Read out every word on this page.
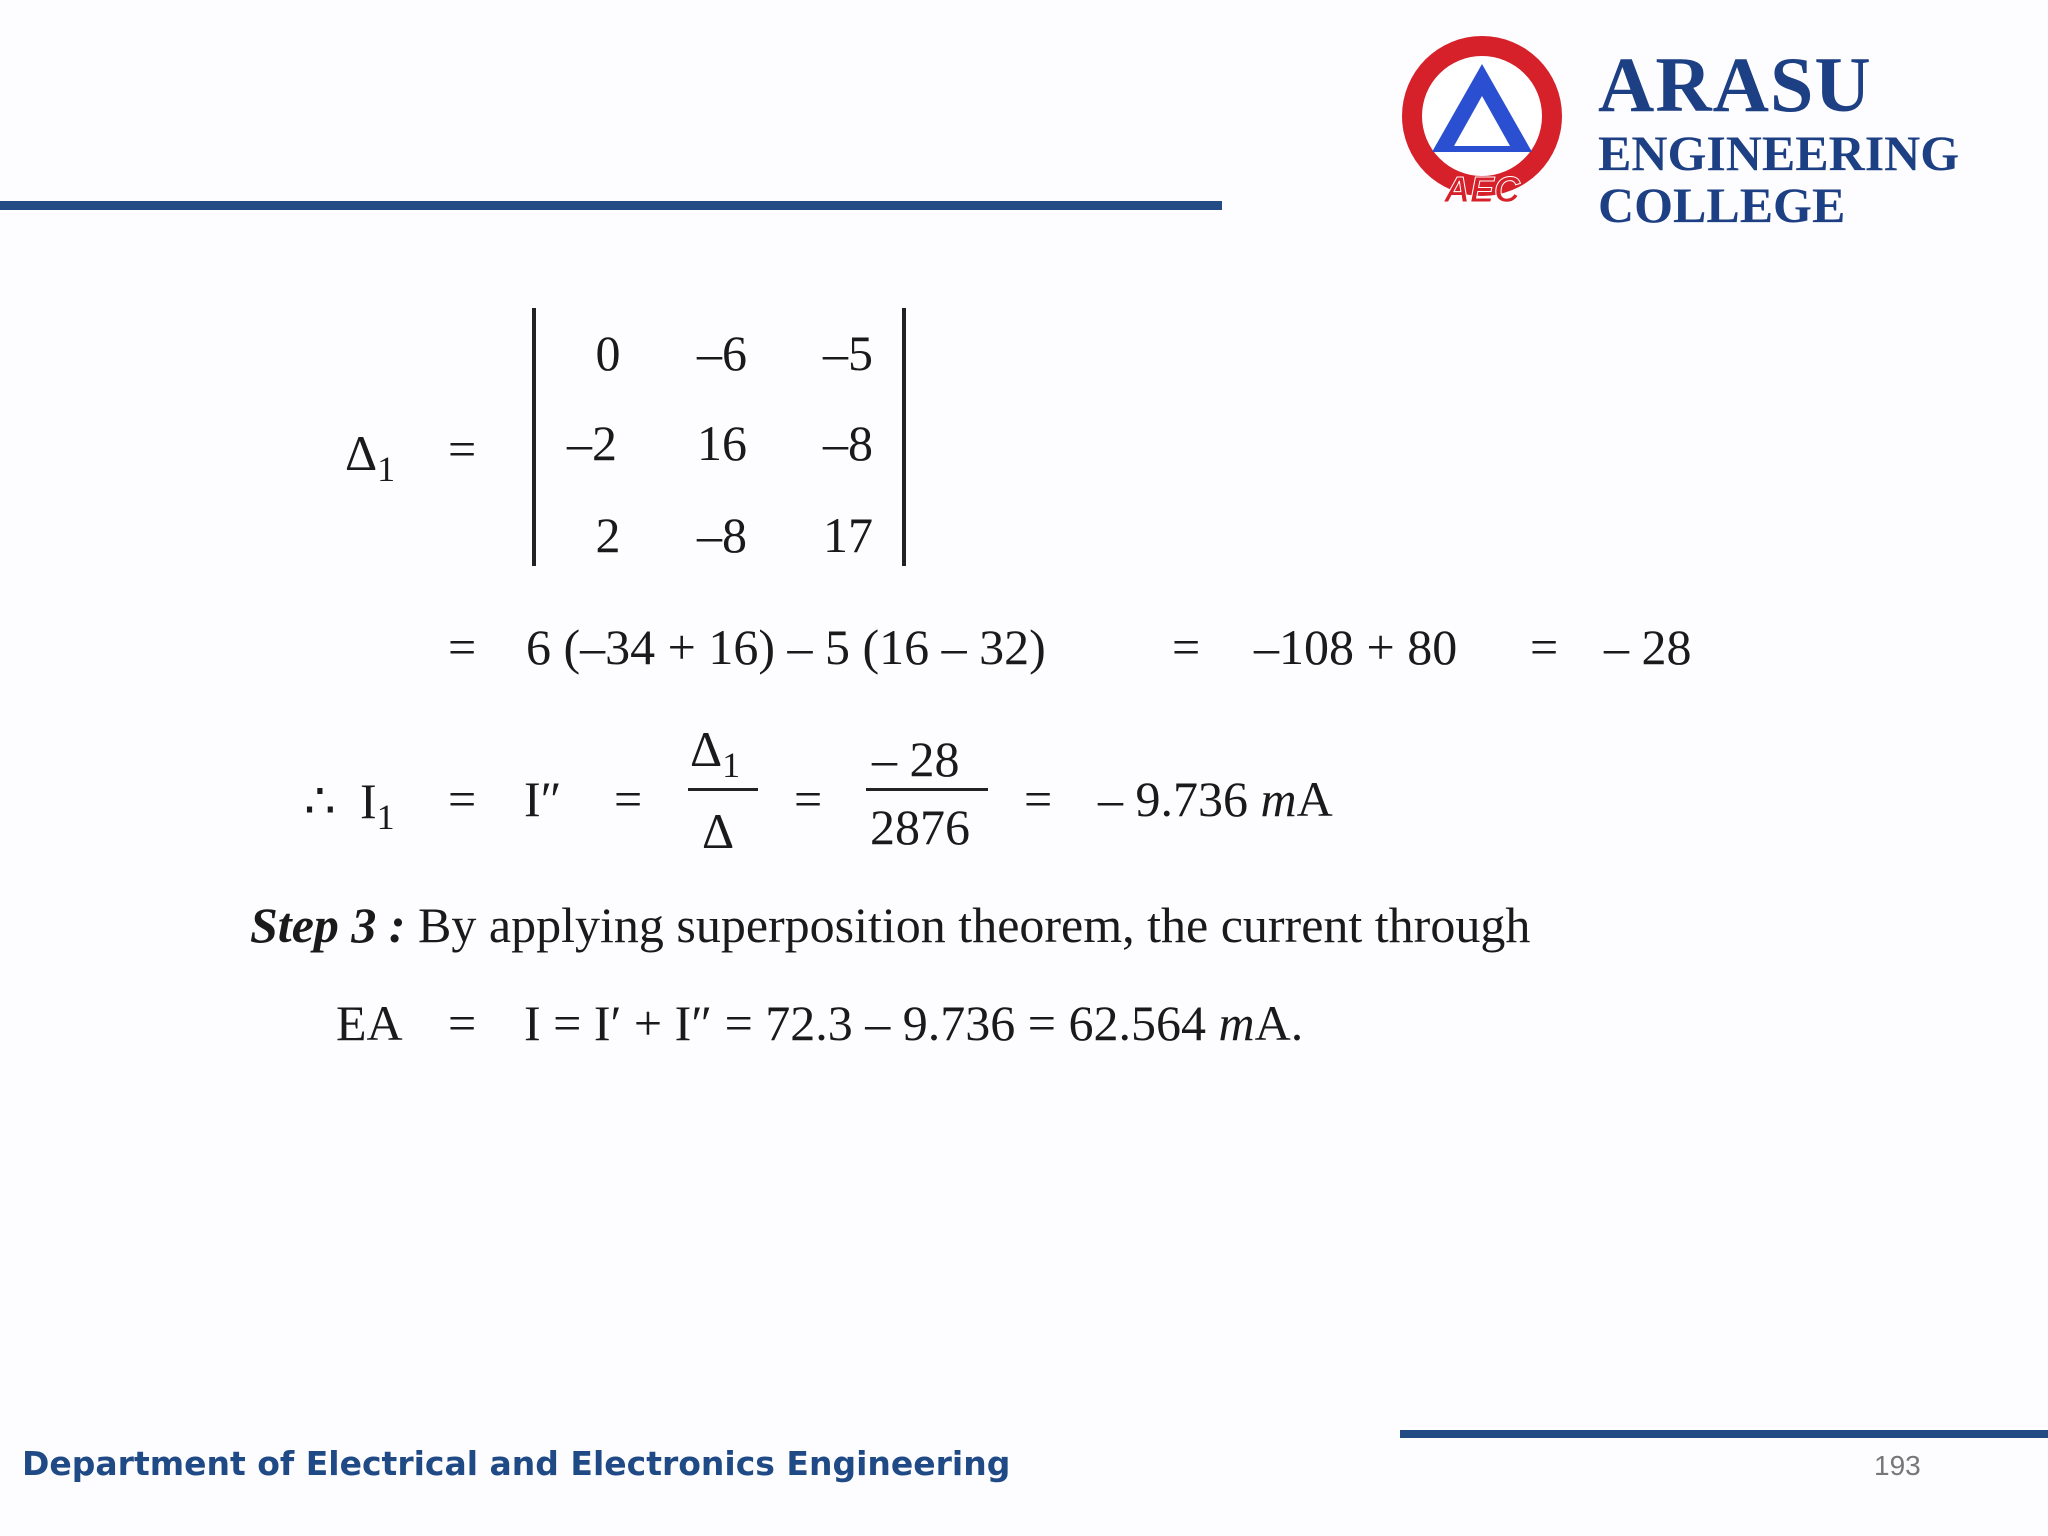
AEC
ARASU
ENGINEERING
COLLEGE
$\Delta_1$ =
0	–6	–5
–2	16	–8
2	–8	17
= 6 (–34 + 16) – 5 (16 – 32)	= –108 + 80 = – 28
∴ $I_1 = I''$ =
$\Delta_1$
Δ
=
– 28
2876 = – 9.736 mA
Step 3 : By applying superposition theorem, the current through
EA = I = I′ + I″ = 72.3 – 9.736 = 62.564 mA.
Department of Electrical and Electronics Engineering	193
